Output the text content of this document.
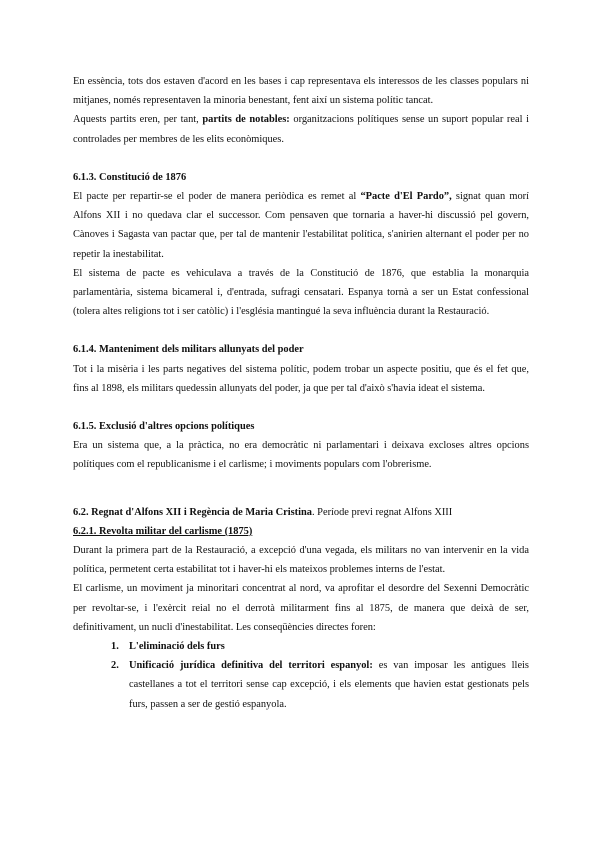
En essència, tots dos estaven d'acord en les bases i cap representava els interessos de les classes populars ni mitjanes, només representaven la minoria benestant, fent així un sistema polític tancat.

Aquests partits eren, per tant, partits de notables: organitzacions polítiques sense un suport popular real i controlades per membres de les elits econòmiques.

6.1.3. Constitució de 1876

El pacte per repartir-se el poder de manera periòdica es remet al “Pacte d'El Pardo”, signat quan morí Alfons XII i no quedava clar el successor. Com pensaven que tornaria a haver-hi discussió pel govern, Cànoves i Sagasta van pactar que, per tal de mantenir l'estabilitat política, s'anirien alternant el poder per no repetir la inestabilitat.

El sistema de pacte es vehiculava a través de la Constitució de 1876, que establia la monarquia parlamentària, sistema bicameral i, d'entrada, sufragi censatari. Espanya tornà a ser un Estat confessional (tolera altes religions tot i ser catòlic) i l'església mantingué la seva influència durant la Restauració.

6.1.4. Manteniment dels militars allunyats del poder

Tot i la misèria i les parts negatives del sistema polític, podem trobar un aspecte positiu, que és el fet que, fins al 1898, els militars quedessin allunyats del poder, ja que per tal d'això s'havia ideat el sistema.

6.1.5. Exclusió d'altres opcions polítiques

Era un sistema que, a la pràctica, no era democràtic ni parlamentari i deixava excloses altres opcions polítiques com el republicanisme i el carlisme; i moviments populars com l'obrerisme.

6.2. Regnat d'Alfons XII i Regència de Maria Cristina. Període previ regnat Alfons XIII

6.2.1. Revolta militar del carlisme (1875)

Durant la primera part de la Restauració, a excepció d'una vegada, els militars no van intervenir en la vida política, permetent certa estabilitat tot i haver-hi els mateixos problemes interns de l'estat.

El carlisme, un moviment ja minoritari concentrat al nord, va aprofitar el desordre del Sexenni Democràtic per revoltar-se, i l'exèrcit reial no el derrotà militarment fins al 1875, de manera que deixà de ser, definitivament, un nucli d'inestabilitat. Les conseqüències directes foren:

1. L'eliminació dels furs
2. Unificació jurídica definitiva del territori espanyol: es van imposar les antigues lleis castellanes a tot el territori sense cap excepció, i els elements que havien estat gestionats pels furs, passen a ser de gestió espanyola.
